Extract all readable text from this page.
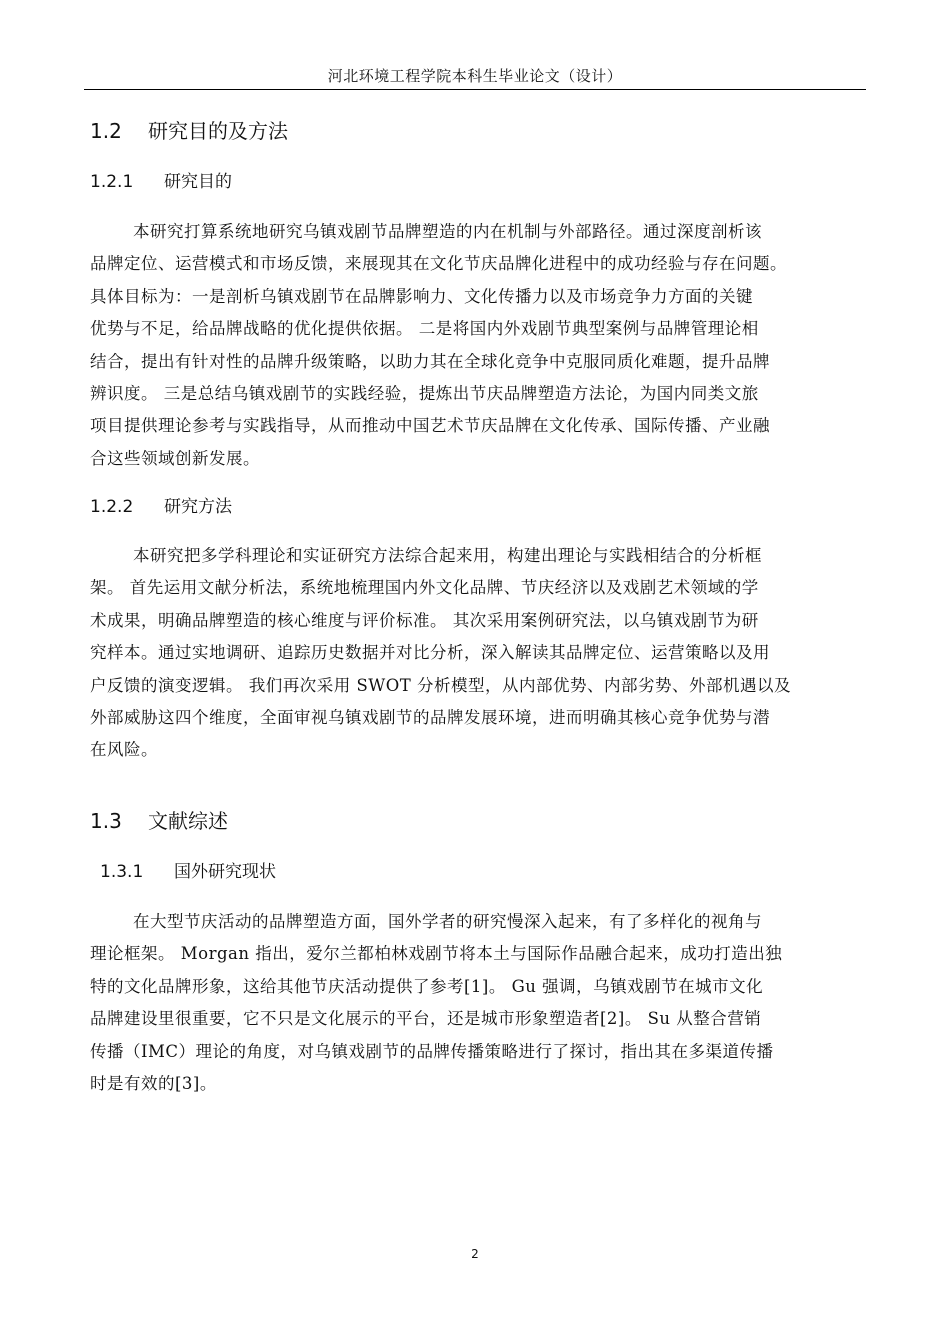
河北环境工程学院本科生毕业论文（设计）
1.2 研究目的及方法
1.2.1 研究目的
本研究打算系统地研究乌镇戏剧节品牌塑造的内在机制与外部路径。通过深度剖析该
品牌定位、运营模式和市场反馈，来展现其在文化节庆品牌化进程中的成功经验与存在问题。
具体目标为：一是剖析乌镇戏剧节在品牌影响力、文化传播力以及市场竞争力方面的关键
优势与不足，给品牌战略的优化提供依据。 二是将国内外戏剧节典型案例与品牌管理论相
结合，提出有针对性的品牌升级策略，以助力其在全球化竞争中克服同质化难题，提升品牌
辨识度。 三是总结乌镇戏剧节的实践经验，提炼出节庆品牌塑造方法论，为国内同类文旅
项目提供理论参考与实践指导，从而推动中国艺术节庆品牌在文化传承、国际传播、产业融
合这些领域创新发展。
1.2.2 研究方法
本研究把多学科理论和实证研究方法综合起来用，构建出理论与实践相结合的分析框
架。 首先运用文献分析法，系统地梳理国内外文化品牌、节庆经济以及戏剧艺术领域的学
术成果，明确品牌塑造的核心维度与评价标准。 其次采用案例研究法，以乌镇戏剧节为研
究样本。通过实地调研、追踪历史数据并对比分析，深入解读其品牌定位、运营策略以及用
户反馈的演变逻辑。 我们再次采用 SWOT 分析模型，从内部优势、内部劣势、外部机遇以及
外部威胁这四个维度，全面审视乌镇戏剧节的品牌发展环境，进而明确其核心竞争优势与潜
在风险。
1.3 文献综述
1.3.1 国外研究现状
在大型节庆活动的品牌塑造方面，国外学者的研究慢深入起来，有了多样化的视角与
理论框架。 Morgan 指出，爱尔兰都柏林戏剧节将本土与国际作品融合起来，成功打造出独
特的文化品牌形象，这给其他节庆活动提供了参考[1]。 Gu 强调，乌镇戏剧节在城市文化
品牌建设里很重要，它不只是文化展示的平台，还是城市形象塑造者[2]。 Su 从整合营销
传播（IMC）理论的角度，对乌镇戏剧节的品牌传播策略进行了探讨，指出其在多渠道传播
时是有效的[3]。
2
